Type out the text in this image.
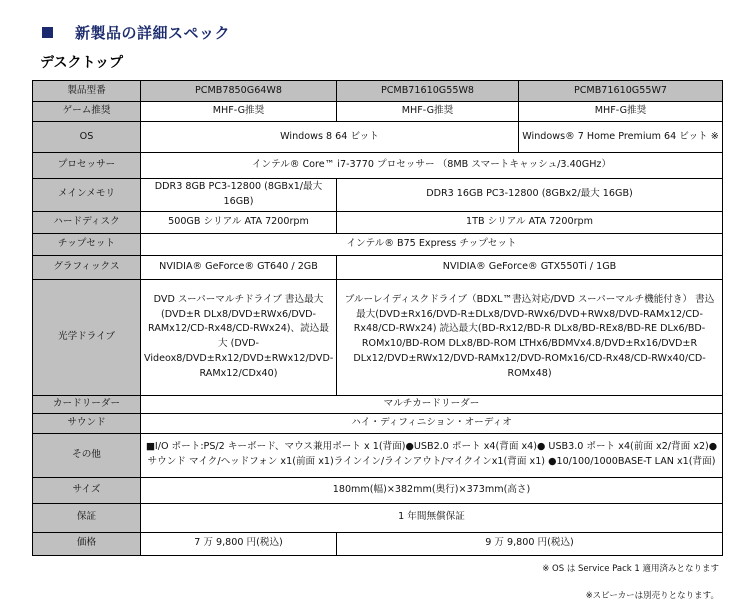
新製品の詳細スペック
デスクトップ
製品型番	PCMB7850G64W8	PCMB71610G55W8	PCMB71610G55W7
ゲーム推奨	MHF-G推奨	MHF-G推奨	MHF-G推奨
OS	Windows 8 64 ビット		Windows® 7 Home Premium 64 ビット ※
プロセッサー	インテル® Core™ i7-3770 プロセッサー （8MB スマートキャッシュ/3.40GHz）		
メインメモリ	DDR3 8GB PC3-12800 (8GBx1/最大 16GB)	DDR3 16GB PC3-12800 (8GBx2/最大 16GB)	
ハードディスク	500GB シリアル ATA 7200rpm	1TB シリアル ATA 7200rpm	
チップセット	インテル® B75 Express チップセット		
グラフィックス	NVIDIA® GeForce® GT640 / 2GB	NVIDIA® GeForce® GTX550Ti / 1GB	
光学ドライブ	DVD スーパーマルチドライブ 書込最大(DVD±R DLx8/DVD±RWx6/DVD-RAMx12/CD-Rx48/CD-RWx24)、読込最大 (DVD-Videox8/DVD±Rx12/DVD±RWx12/DVD-RAMx12/CDx40)	ブルーレイディスクドライブ（BDXL™書込対応/DVD スーパーマルチ機能付き） 書込最大(DVD±Rx16/DVD-R±DLx8/DVD-RWx6/DVD+RWx8/DVD-RAMx12/CD-Rx48/CD-RWx24) 読込最大(BD-Rx12/BD-R DLx8/BD-REx8/BD-RE DLx6/BD-ROMx10/BD-ROM DLx8/BD-ROM LTHx6/BDMVx4.8/DVD±Rx16/DVD±R DLx12/DVD±RWx12/DVD-RAMx12/DVD-ROMx16/CD-Rx48/CD-RWx40/CD-ROMx48)	
カードリーダー	マルチカードリーダー		
サウンド	ハイ・ディフィニション・オーディオ		
その他	■I/O ポート:PS/2 キーボード、マウス兼用ポート x 1(背面)●USB2.0 ポート x4(背面 x4)● USB3.0 ポート x4(前面 x2/背面 x2)●サウンド マイク/ヘッドフォン x1(前面 x1)ラインイン/ラインアウト/マイクインx1(背面 x1) ●10/100/1000BASE-T LAN x1(背面)		
サイズ	180mm(幅)×382mm(奥行)×373mm(高さ)		
保証	1 年間無償保証		
価格	7 万 9,800 円(税込)	9 万 9,800 円(税込)	
※ OS は Service Pack 1 適用済みとなります
※スピーカーは別売りとなります。
